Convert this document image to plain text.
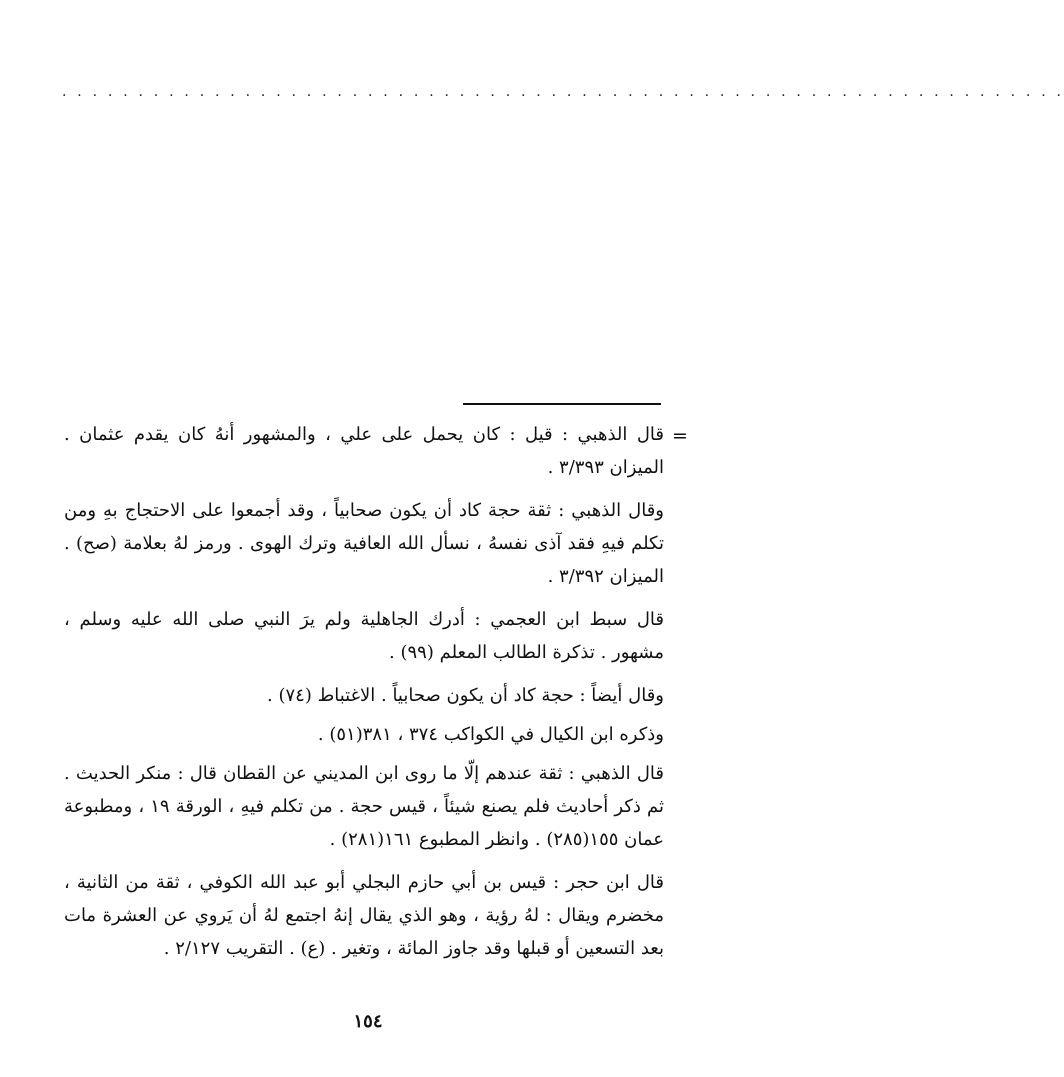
. . . . . . . . . . . . . . . . . . . . . . . . . . . . . . . . . . . . . . . . . . . . . . . . . . . . . . . . . . . . . . . . . .
=

قال الذهبي : قيل : كان يحمل على علي ، والمشهور أنهُ كان يقدم عثمان . الميزان ٣/٣٩٣ .

وقال الذهبي : ثقة حجة كاد أن يكون صحابياً ، وقد أجمعوا على الاحتجاج بهِ ومن تكلم فيهِ فقد آذى نفسهُ ، نسأل الله العافية وترك الهوى . ورمز لهُ بعلامة (صح) . الميزان ٣/٣٩٢ .

قال سبط ابن العجمي : أدرك الجاهلية ولم يرَ النبي صلى الله عليه وسلم ، مشهور . تذكرة الطالب المعلم (٩٩) .

وقال أيضاً : حجة كاد أن يكون صحابياً . الاغتباط (٧٤) .

وذكره ابن الكيال في الكواكب ٣٧٤ ، ٣٨١(٥١) .

قال الذهبي : ثقة عندهم إلّا ما روى ابن المديني عن القطان قال : منكر الحديث . ثم ذكر أحاديث فلم يصنع شيئاً ، قيس حجة . من تكلم فيهِ ، الورقة ١٩ ، ومطبوعة عمان ١٥٥(٢٨٥) . وانظر المطبوع ١٦١(٢٨١) .

قال ابن حجر : قيس بن أبي حازم البجلي أبو عبد الله الكوفي ، ثقة من الثانية ، مخضرم ويقال : لهُ رؤية ، وهو الذي يقال إنهُ اجتمع لهُ أن يَروي عن العشرة مات بعد التسعين أو قبلها وقد جاوز المائة ، وتغير . (ع) . التقريب ٢/١٢٧ .

١٥٤
